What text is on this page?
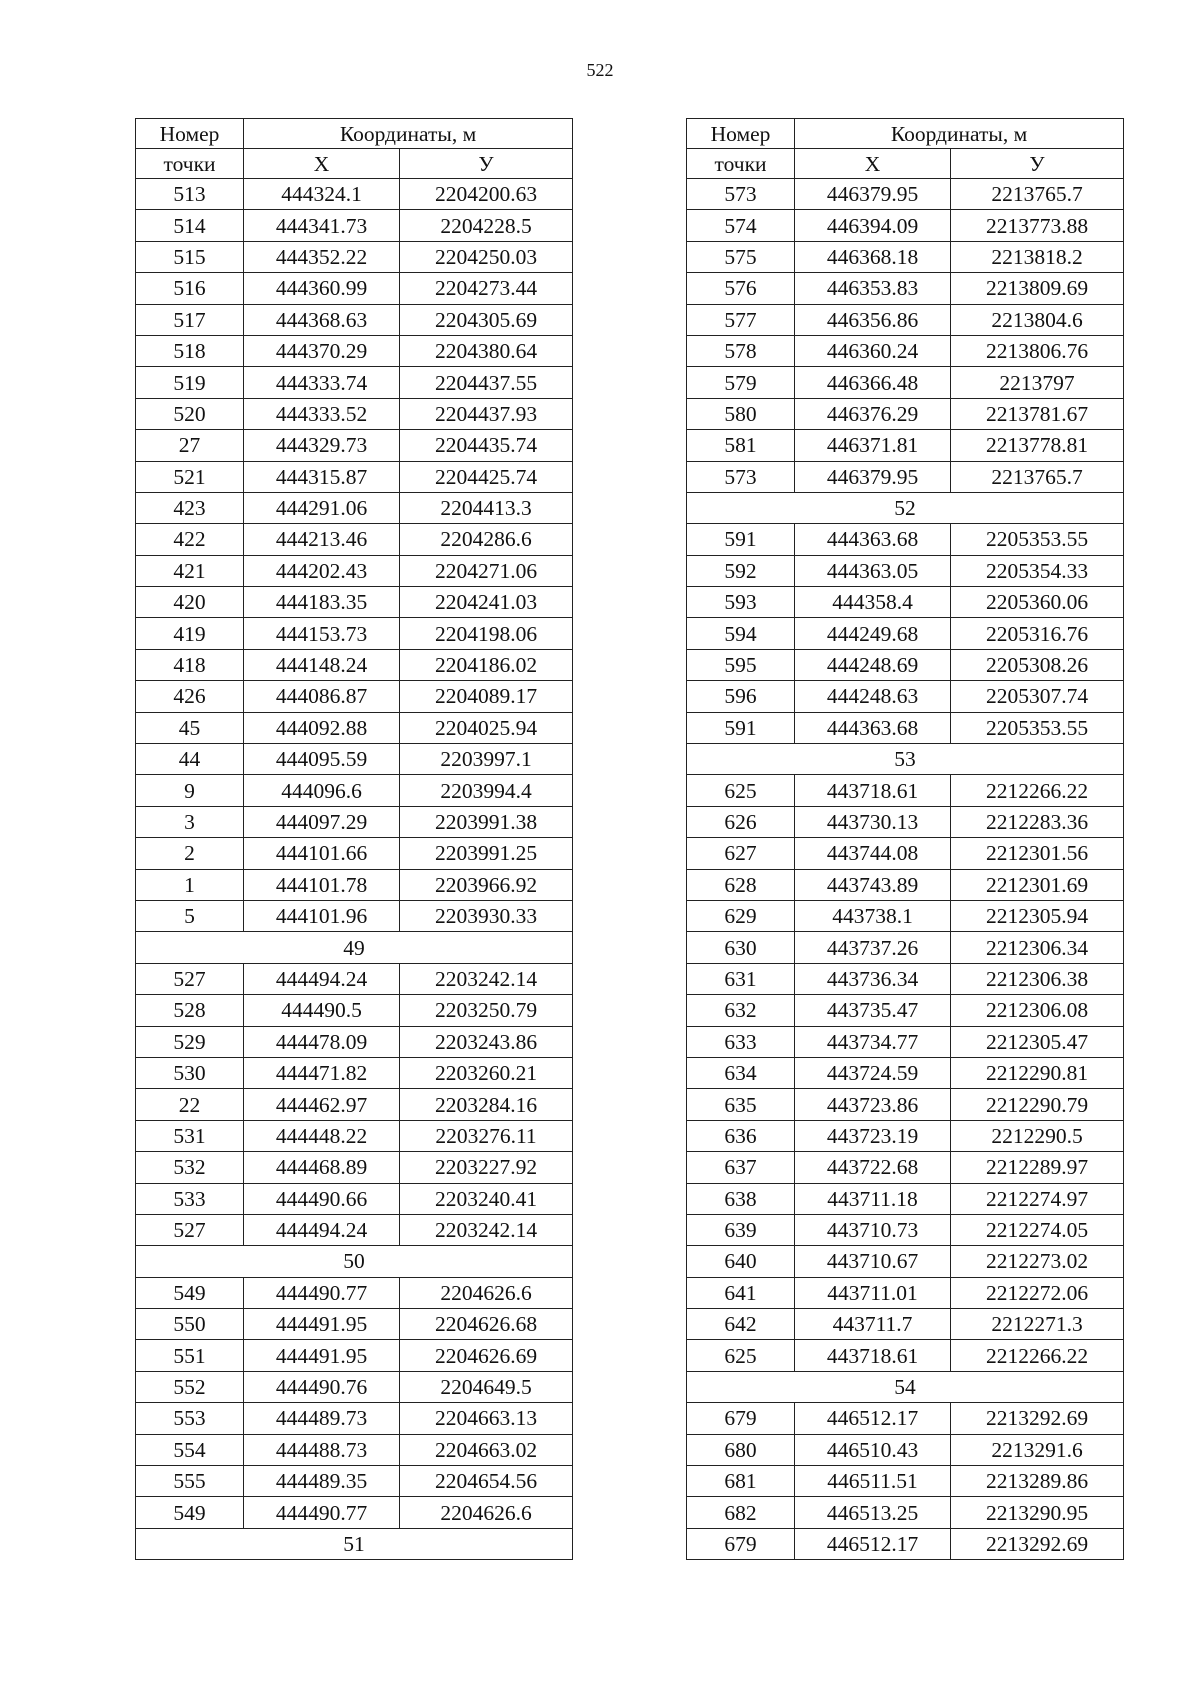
522
Номер	Координаты, м	
точки	X	У
513	444324.1	2204200.63
514	444341.73	2204228.5
515	444352.22	2204250.03
516	444360.99	2204273.44
517	444368.63	2204305.69
518	444370.29	2204380.64
519	444333.74	2204437.55
520	444333.52	2204437.93
27	444329.73	2204435.74
521	444315.87	2204425.74
423	444291.06	2204413.3
422	444213.46	2204286.6
421	444202.43	2204271.06
420	444183.35	2204241.03
419	444153.73	2204198.06
418	444148.24	2204186.02
426	444086.87	2204089.17
45	444092.88	2204025.94
44	444095.59	2203997.1
9	444096.6	2203994.4
3	444097.29	2203991.38
2	444101.66	2203991.25
1	444101.78	2203966.92
5	444101.96	2203930.33
49		
527	444494.24	2203242.14
528	444490.5	2203250.79
529	444478.09	2203243.86
530	444471.82	2203260.21
22	444462.97	2203284.16
531	444448.22	2203276.11
532	444468.89	2203227.92
533	444490.66	2203240.41
527	444494.24	2203242.14
50		
549	444490.77	2204626.6
550	444491.95	2204626.68
551	444491.95	2204626.69
552	444490.76	2204649.5
553	444489.73	2204663.13
554	444488.73	2204663.02
555	444489.35	2204654.56
549	444490.77	2204626.6
51		
Номер	Координаты, м	
точки	X	У
573	446379.95	2213765.7
574	446394.09	2213773.88
575	446368.18	2213818.2
576	446353.83	2213809.69
577	446356.86	2213804.6
578	446360.24	2213806.76
579	446366.48	2213797
580	446376.29	2213781.67
581	446371.81	2213778.81
573	446379.95	2213765.7
52		
591	444363.68	2205353.55
592	444363.05	2205354.33
593	444358.4	2205360.06
594	444249.68	2205316.76
595	444248.69	2205308.26
596	444248.63	2205307.74
591	444363.68	2205353.55
53		
625	443718.61	2212266.22
626	443730.13	2212283.36
627	443744.08	2212301.56
628	443743.89	2212301.69
629	443738.1	2212305.94
630	443737.26	2212306.34
631	443736.34	2212306.38
632	443735.47	2212306.08
633	443734.77	2212305.47
634	443724.59	2212290.81
635	443723.86	2212290.79
636	443723.19	2212290.5
637	443722.68	2212289.97
638	443711.18	2212274.97
639	443710.73	2212274.05
640	443710.67	2212273.02
641	443711.01	2212272.06
642	443711.7	2212271.3
625	443718.61	2212266.22
54		
679	446512.17	2213292.69
680	446510.43	2213291.6
681	446511.51	2213289.86
682	446513.25	2213290.95
679	446512.17	2213292.69
